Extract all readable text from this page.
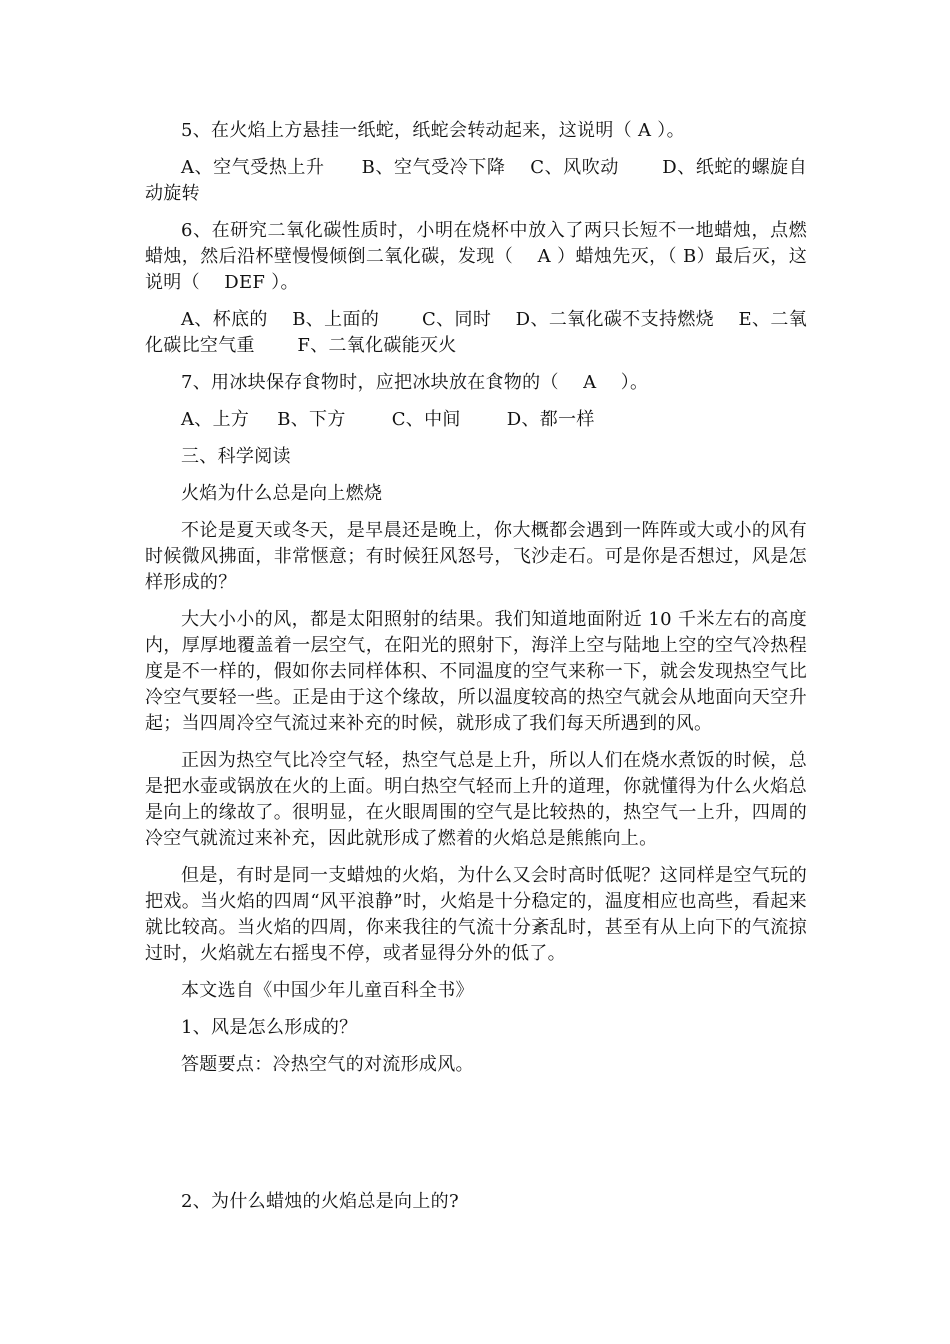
5、在火焰上方悬挂一纸蛇，纸蛇会转动起来，这说明（ A ）。

A、空气受热上升　　B、空气受冷下降　 C、风吹动　　 D、纸蛇的螺旋自动旋转

6、在研究二氧化碳性质时，小明在烧杯中放入了两只长短不一地蜡烛，点燃蜡烛，然后沿杯壁慢慢倾倒二氧化碳，发现（　 A ）蜡烛先灭，（ B）最后灭，这说明（　 DEF ）。

A、杯底的　 B、上面的　　 C、同时　 D、二氧化碳不支持燃烧　 E、二氧化碳比空气重　　 F、二氧化碳能灭火

7、用冰块保存食物时，应把冰块放在食物的（　 A　 ）。

A、上方 B、下方	C、中间	D、都一样

三、科学阅读

火焰为什么总是向上燃烧

不论是夏天或冬天，是早晨还是晚上，你大概都会遇到一阵阵或大或小的风有时候微风拂面，非常惬意；有时候狂风怒号，飞沙走石。可是你是否想过，风是怎样形成的？

大大小小的风，都是太阳照射的结果。我们知道地面附近 10 千米左右的高度内，厚厚地覆盖着一层空气，在阳光的照射下，海洋上空与陆地上空的空气冷热程度是不一样的，假如你去同样体积、不同温度的空气来称一下，就会发现热空气比冷空气要轻一些。正是由于这个缘故，所以温度较高的热空气就会从地面向天空升起；当四周冷空气流过来补充的时候，就形成了我们每天所遇到的风。

正因为热空气比冷空气轻，热空气总是上升，所以人们在烧水煮饭的时候，总是把水壶或锅放在火的上面。明白热空气轻而上升的道理，你就懂得为什么火焰总是向上的缘故了。很明显，在火眼周围的空气是比较热的，热空气一上升，四周的冷空气就流过来补充，因此就形成了燃着的火焰总是熊熊向上。

但是，有时是同一支蜡烛的火焰，为什么又会时高时低呢？这同样是空气玩的把戏。当火焰的四周“风平浪静”时，火焰是十分稳定的，温度相应也高些，看起来就比较高。当火焰的四周，你来我往的气流十分紊乱时，甚至有从上向下的气流掠过时，火焰就左右摇曳不停，或者显得分外的低了。

本文选自《中国少年儿童百科全书》

1、风是怎么形成的？

答题要点：冷热空气的对流形成风。

2、为什么蜡烛的火焰总是向上的?
